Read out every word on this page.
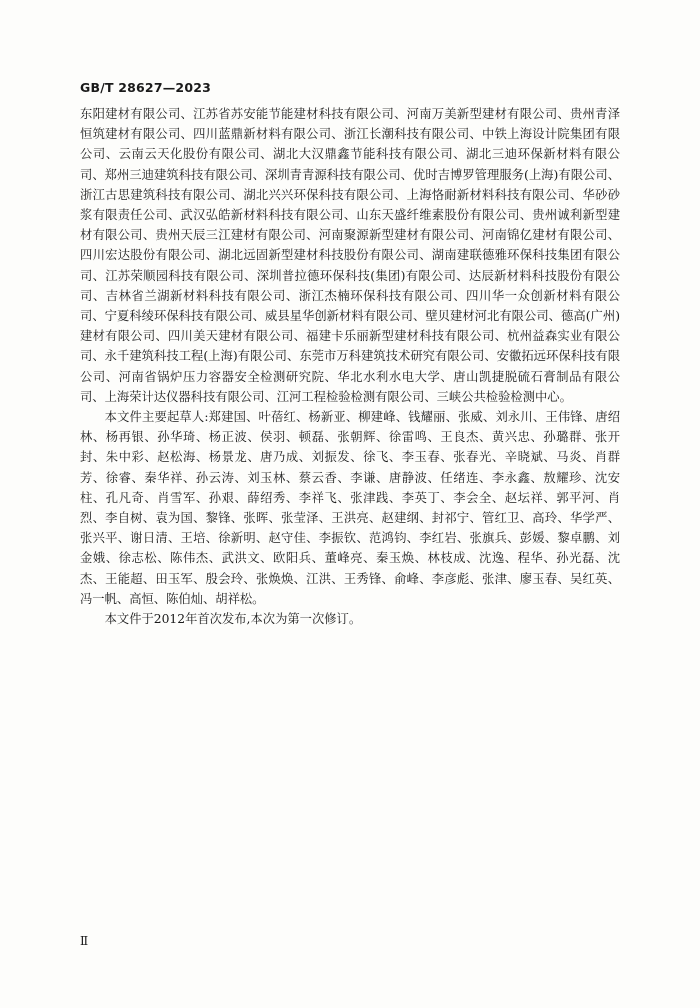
GB/T 28627—2023

东阳建材有限公司、江苏省苏安能节能建材科技有限公司、河南万美新型建材有限公司、贵州青泽恒筑建材有限公司、四川蓝鼎新材料有限公司、浙江长潮科技有限公司、中铁上海设计院集团有限公司、云南云天化股份有限公司、湖北大汉鼎鑫节能科技有限公司、湖北三迪环保新材料有限公司、郑州三迪建筑科技有限公司、深圳青青源科技有限公司、优时吉博罗管理服务(上海)有限公司、浙江古思建筑科技有限公司、湖北兴兴环保科技有限公司、上海恪耐新材料科技有限公司、华砂砂浆有限责任公司、武汉弘皓新材料科技有限公司、山东天盛纤维素股份有限公司、贵州诚利新型建材有限公司、贵州天辰三江建材有限公司、河南聚源新型建材有限公司、河南锦亿建材有限公司、四川宏达股份有限公司、湖北远固新型建材科技股份有限公司、湖南建联德雅环保科技集团有限公司、江苏荣顺园科技有限公司、深圳普拉德环保科技(集团)有限公司、达辰新材料科技股份有限公司、吉林省兰湖新材料科技有限公司、浙江杰楠环保科技有限公司、四川华一众创新材料有限公司、宁夏科绫环保科技有限公司、威县星华创新材料有限公司、壁贝建材河北有限公司、德高(广州)建材有限公司、四川美天建材有限公司、福建卡乐丽新型建材科技有限公司、杭州益森实业有限公司、永千建筑科技工程(上海)有限公司、东莞市万科建筑技术研究有限公司、安徽拓远环保科技有限公司、河南省锅炉压力容器安全检测研究院、华北水利水电大学、唐山凯捷脱硫石膏制品有限公司、上海荣计达仪器科技有限公司、江河工程检验检测有限公司、三峡公共检验检测中心。

本文件主要起草人:郑建国、叶蓓红、杨新亚、柳建峰、钱耀丽、张威、刘永川、王伟锋、唐绍林、杨再银、孙华琦、杨正波、侯羽、顿磊、张朝辉、徐雷鸣、王良杰、黄兴忠、孙璐群、张开封、朱中彩、赵松海、杨景龙、唐乃成、刘振发、徐飞、李玉春、张春光、辛晓斌、马炎、肖群芳、徐睿、秦华祥、孙云涛、刘玉林、蔡云香、李谦、唐静波、任绪连、李永鑫、敖耀珍、沈安柱、孔凡奇、肖雪军、孙艰、薛绍秀、李祥飞、张津践、李英丁、李会全、赵坛祥、郭平河、肖烈、李自树、袁为国、黎锋、张晖、张莹泽、王洪亮、赵建纲、封祁宁、管红卫、高玲、华学严、张兴平、谢日清、王培、徐新明、赵守佳、李振钦、范鸿钧、李红岩、张旗兵、彭媛、黎卓鹏、刘金娥、徐志松、陈伟杰、武洪文、欧阳兵、董峰亮、秦玉焕、林枝成、沈逸、程华、孙光磊、沈杰、王能超、田玉军、殷会玲、张焕焕、江洪、王秀锋、俞峰、李彦彪、张津、廖玉春、吴红英、冯一帆、高恒、陈伯灿、胡祥松。

本文件于2012年首次发布,本次为第一次修订。

Ⅱ
